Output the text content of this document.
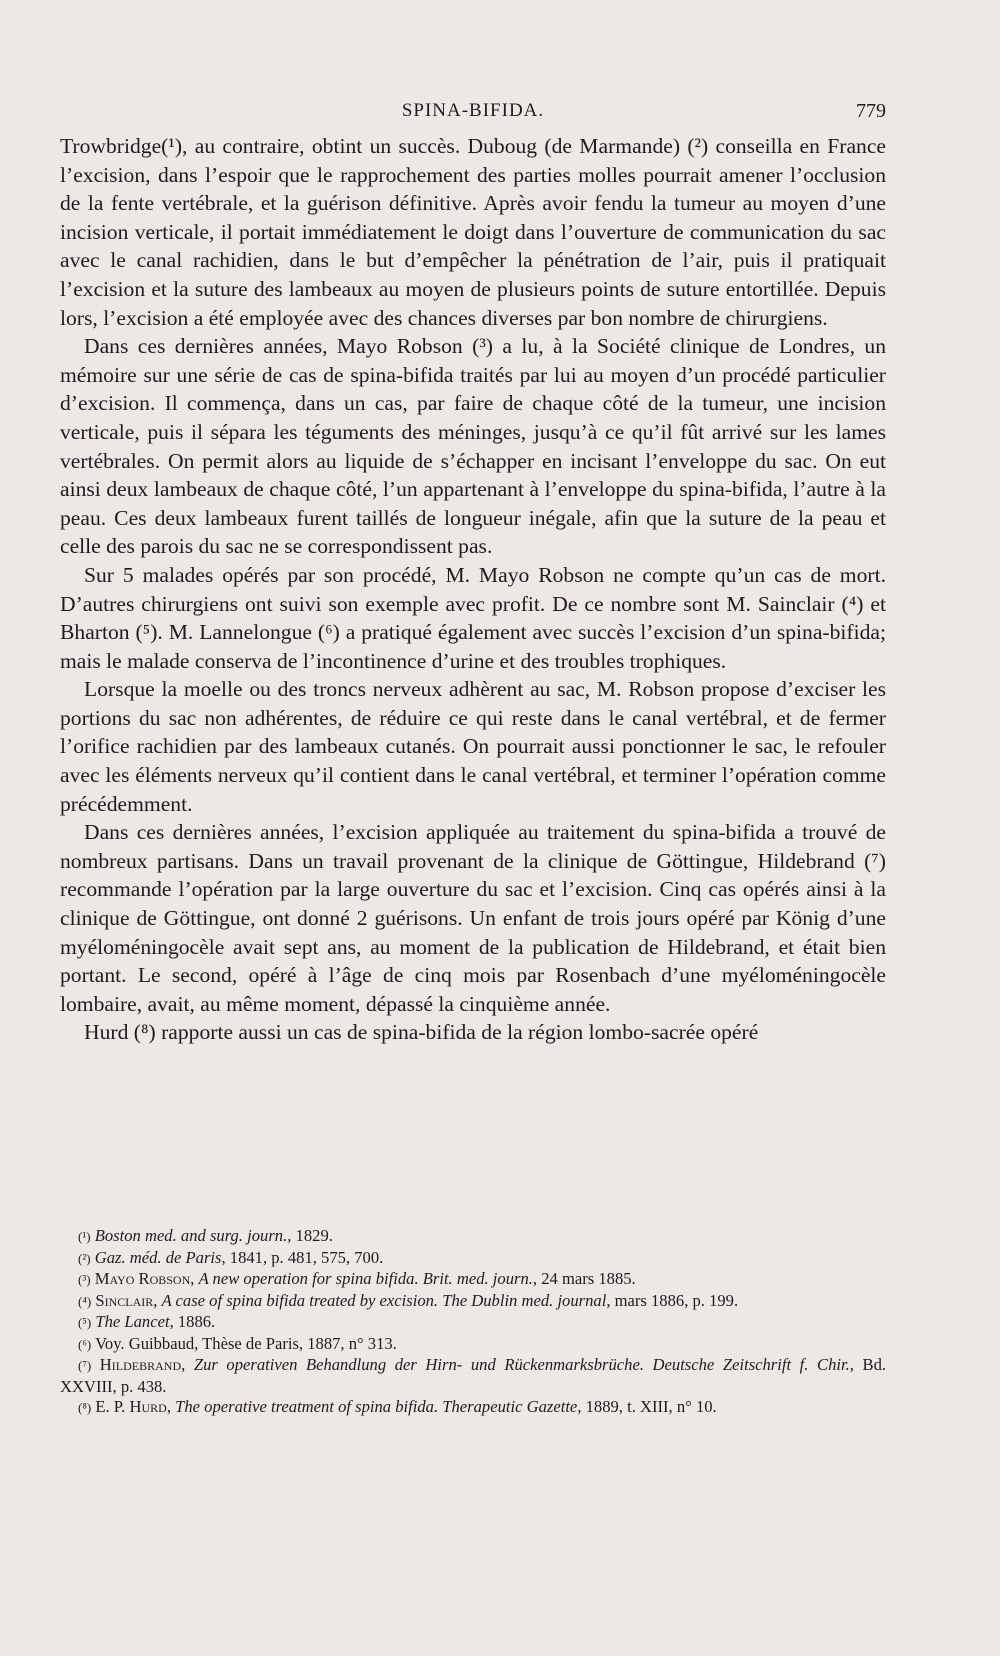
SPINA-BIFIDA.	779

Trowbridge(¹), au contraire, obtint un succès. Duboug (de Marmande) (²) conseilla en France l’excision, dans l’espoir que le rapprochement des parties molles pourrait amener l’occlusion de la fente vertébrale, et la guérison définitive. Après avoir fendu la tumeur au moyen d’une incision verticale, il portait immédiatement le doigt dans l’ouverture de communication du sac avec le canal rachidien, dans le but d’empêcher la pénétration de l’air, puis il pratiquait l’excision et la suture des lambeaux au moyen de plusieurs points de suture entortillée. Depuis lors, l’excision a été employée avec des chances diverses par bon nombre de chirurgiens.

Dans ces dernières années, Mayo Robson (³) a lu, à la Société clinique de Londres, un mémoire sur une série de cas de spina-bifida traités par lui au moyen d’un procédé particulier d’excision. Il commença, dans un cas, par faire de chaque côté de la tumeur, une incision verticale, puis il sépara les téguments des méninges, jusqu’à ce qu’il fût arrivé sur les lames vertébrales. On permit alors au liquide de s’échapper en incisant l’enveloppe du sac. On eut ainsi deux lambeaux de chaque côté, l’un appartenant à l’enveloppe du spina-bifida, l’autre à la peau. Ces deux lambeaux furent taillés de longueur inégale, afin que la suture de la peau et celle des parois du sac ne se correspondissent pas.

Sur 5 malades opérés par son procédé, M. Mayo Robson ne compte qu’un cas de mort. D’autres chirurgiens ont suivi son exemple avec profit. De ce nombre sont M. Sainclair (⁴) et Bharton (⁵). M. Lannelongue (⁶) a pratiqué également avec succès l’excision d’un spina-bifida; mais le malade conserva de l’incontinence d’urine et des troubles trophiques.

Lorsque la moelle ou des troncs nerveux adhèrent au sac, M. Robson propose d’exciser les portions du sac non adhérentes, de réduire ce qui reste dans le canal vertébral, et de fermer l’orifice rachidien par des lambeaux cutanés. On pourrait aussi ponctionner le sac, le refouler avec les éléments nerveux qu’il contient dans le canal vertébral, et terminer l’opération comme précédemment.

Dans ces dernières années, l’excision appliquée au traitement du spina-bifida a trouvé de nombreux partisans. Dans un travail provenant de la clinique de Göttingue, Hildebrand (⁷) recommande l’opération par la large ouverture du sac et l’excision. Cinq cas opérés ainsi à la clinique de Göttingue, ont donné 2 guérisons. Un enfant de trois jours opéré par König d’une myéloméningocèle avait sept ans, au moment de la publication de Hildebrand, et était bien portant. Le second, opéré à l’âge de cinq mois par Rosenbach d’une myéloméningocèle lombaire, avait, au même moment, dépassé la cinquième année.

Hurd (⁸) rapporte aussi un cas de spina-bifida de la région lombo-sacrée opéré

(¹) Boston med. and surg. journ., 1829.

(²) Gaz. méd. de Paris, 1841, p. 481, 575, 700.

(³) Mayo Robson, A new operation for spina bifida. Brit. med. journ., 24 mars 1885.

(⁴) Sinclair, A case of spina bifida treated by excision. The Dublin med. journal, mars 1886, p. 199.

(⁵) The Lancet, 1886.

(⁶) Voy. Guibbaud, Thèse de Paris, 1887, n° 313.

(⁷) Hildebrand, Zur operativen Behandlung der Hirn- und Rückenmarksbrüche. Deutsche Zeitschrift f. Chir., Bd. XXVIII, p. 438.

(⁸) E. P. Hurd, The operative treatment of spina bifida. Therapeutic Gazette, 1889, t. XIII, n° 10.
